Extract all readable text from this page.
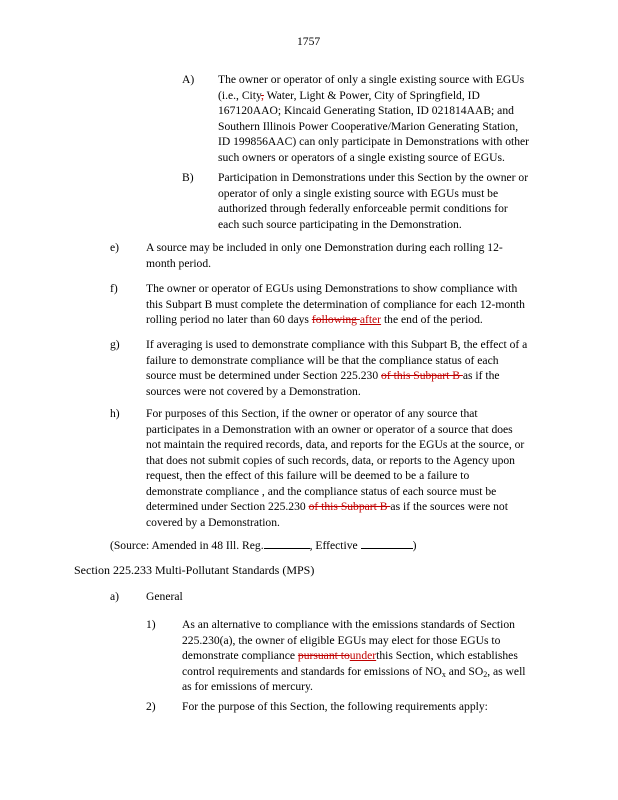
1757
A) The owner or operator of only a single existing source with EGUs
(i.e., City, Water, Light & Power, City of Springfield, ID
167120AAO; Kincaid Generating Station, ID 021814AAB; and
Southern Illinois Power Cooperative/Marion Generating Station,
ID 199856AAC) can only participate in Demonstrations with other
such owners or operators of a single existing source of EGUs.
B) Participation in Demonstrations under this Section by the owner or
operator of only a single existing source with EGUs must be
authorized through federally enforceable permit conditions for
each such source participating in the Demonstration.
e) A source may be included in only one Demonstration during each rolling 12-
month period.
f) The owner or operator of EGUs using Demonstrations to show compliance with
this Subpart B must complete the determination of compliance for each 12-month
rolling period no later than 60 days following after the end of the period.
g) If averaging is used to demonstrate compliance with this Subpart B, the effect of a
failure to demonstrate compliance will be that the compliance status of each
source must be determined under Section 225.230 of this Subpart B as if the
sources were not covered by a Demonstration.
h) For purposes of this Section, if the owner or operator of any source that
participates in a Demonstration with an owner or operator of a source that does
not maintain the required records, data, and reports for the EGUs at the source, or
that does not submit copies of such records, data, or reports to the Agency upon
request, then the effect of this failure will be deemed to be a failure to
demonstrate compliance , and the compliance status of each source must be
determined under Section 225.230 of this Subpart B as if the sources were not
covered by a Demonstration.
(Source: Amended in 48 Ill. Reg.	, Effective	)
Section 225.233 Multi-Pollutant Standards (MPS)
a) General
1) As an alternative to compliance with the emissions standards of Section
225.230(a), the owner of eligible EGUs may elect for those EGUs to
demonstrate compliance pursuant tounderthis Section, which establishes
control requirements and standards for emissions of $NO_x$ and $SO_2$, as well
as for emissions of mercury.
2) For the purpose of this Section, the following requirements apply:
